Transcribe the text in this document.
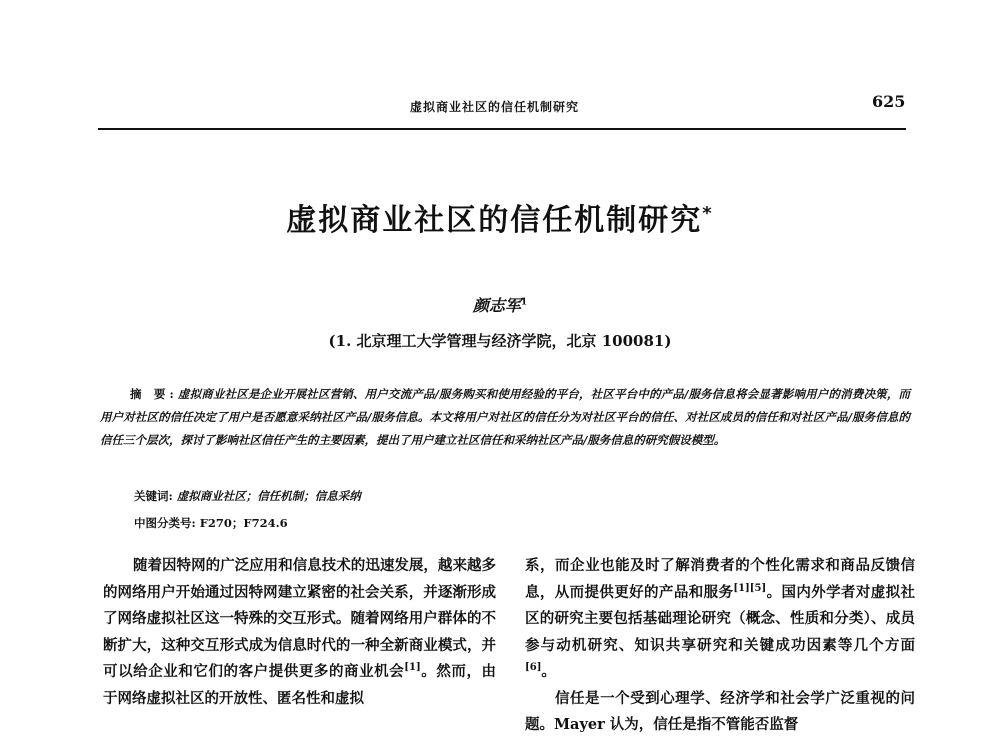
虚拟商业社区的信任机制研究	625
虚拟商业社区的信任机制研究*
颜志军$^1$
(1. 北京理工大学管理与经济学院，北京 100081)
摘 要:虚拟商业社区是企业开展社区营销、用户交流产品/服务购买和使用经验的平台，社区平台中的产品/服务信息将会显著影响用户的消费决策，而用户对社区的信任决定了用户是否愿意采纳社区产品/服务信息。本文将用户对社区的信任分为对社区平台的信任、对社区成员的信任和对社区产品/服务信息的信任三个层次，探讨了影响社区信任产生的主要因素，提出了用户建立社区信任和采纳社区产品/服务信息的研究假设模型。
关键词: 虚拟商业社区；信任机制；信息采纳
中图分类号: F270；F724.6

随着因特网的广泛应用和信息技术的迅速发展，越来越多的网络用户开始通过因特网建立紧密的社会关系，并逐渐形成了网络虚拟社区这一特殊的交互形式。随着网络用户群体的不断扩大，这种交互形式成为信息时代的一种全新商业模式，并可以给企业和它们的客户提供更多的商业机会[1]。然而，由于网络虚拟社区的开放性、匿名性和虚拟

系，而企业也能及时了解消费者的个性化需求和商品反馈信息，从而提供更好的产品和服务[1][5]。国内外学者对虚拟社区的研究主要包括基础理论研究（概念、性质和分类）、成员参与动机研究、知识共享研究和关键成功因素等几个方面[6]。

信任是一个受到心理学、经济学和社会学广泛重视的问题。Mayer 认为，信任是指不管能否监督
